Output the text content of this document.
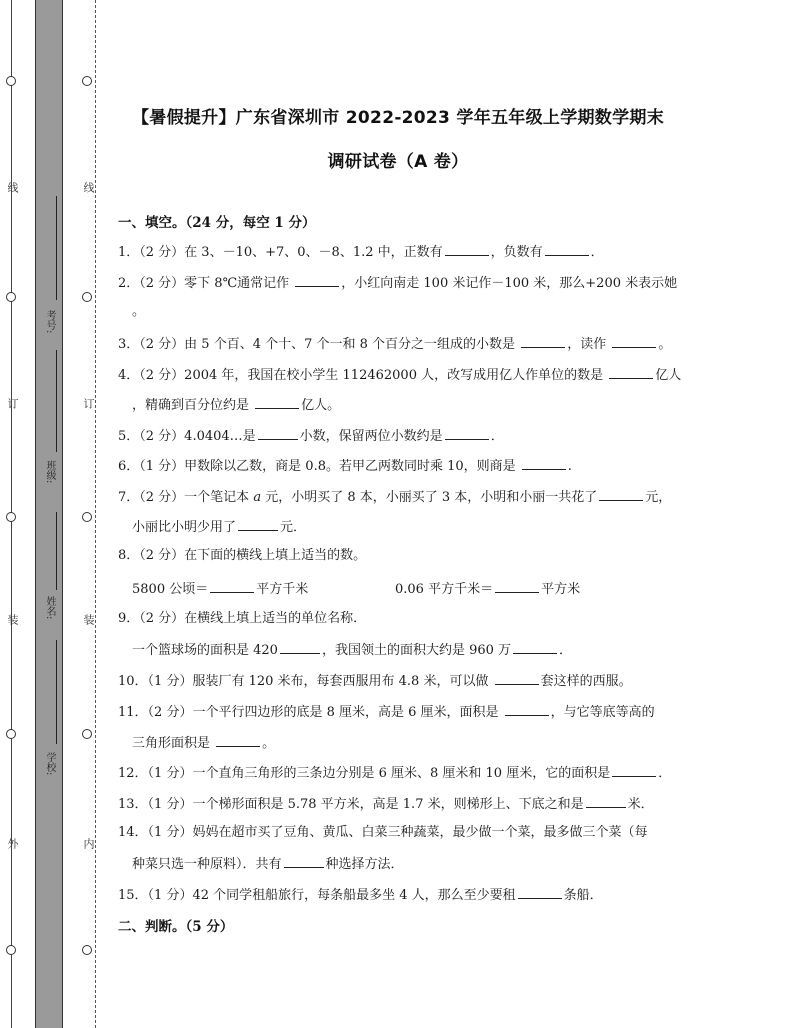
线
订
装
外
线
订
装
内
考号:
班级:
姓名:
学校:
【暑假提升】广东省深圳市 2022-2023 学年五年级上学期数学期末
调研试卷（A 卷）
一、填空。（24 分，每空 1 分）
1．（2 分）在 3、－10、+7、0、－8、1.2 中，正数有	，负数有	．
2．（2 分）零下 8℃通常记作	，小红向南走 100 米记作－100 米，那么+200 米表示她
。
3．（2 分）由 5 个百、4 个十、7 个一和 8 个百分之一组成的小数是	，读作	。
4．（2 分）2004 年，我国在校小学生 112462000 人，改写成用亿人作单位的数是	亿人
，精确到百分位约是	亿人。
5．（2 分）4.0404…是	小数，保留两位小数约是	．
6．（1 分）甲数除以乙数，商是 0.8。若甲乙两数同时乘 10，则商是	.
7．（2 分）一个笔记本 a 元，小明买了 8 本，小丽买了 3 本，小明和小丽一共花了	元，
小丽比小明少用了	元．
8．（2 分）在下面的横线上填上适当的数。
5800 公顷＝	平方千米	0.06 平方千米＝	平方米
9．（2 分）在横线上填上适当的单位名称．
一个篮球场的面积是 420	，我国领土的面积大约是 960 万	．
10．（1 分）服装厂有 120 米布，每套西服用布 4.8 米，可以做	套这样的西服。
11．（2 分）一个平行四边形的底是 8 厘米，高是 6 厘米，面积是	，与它等底等高的
三角形面积是	。
12．（1 分）一个直角三角形的三条边分别是 6 厘米、8 厘米和 10 厘米，它的面积是	．
13．（1 分）一个梯形面积是 5.78 平方米，高是 1.7 米，则梯形上、下底之和是	米．
14．（1 分）妈妈在超市买了豆角、黄瓜、白菜三种蔬菜，最少做一个菜，最多做三个菜（每
种菜只选一种原料）．共有	种选择方法．
15．（1 分）42 个同学租船旅行，每条船最多坐 4 人，那么至少要租	条船．
二、判断。（5 分）
